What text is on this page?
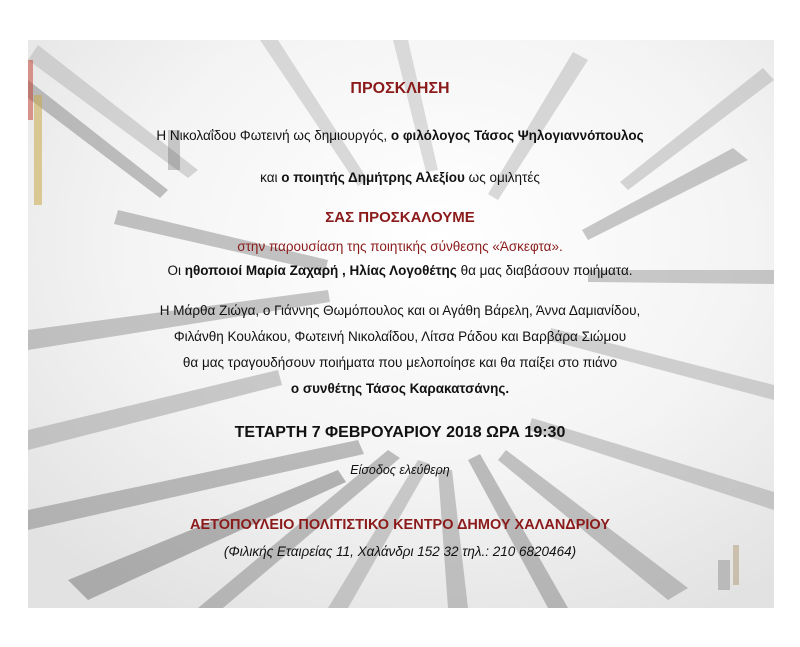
ΠΡΟΣΚΛΗΣΗ
Η Νικολαΐδου Φωτεινή ως δημιουργός, ο φιλόλογος Τάσος Ψηλογιαννόπουλος
και ο ποιητής Δημήτρης Αλεξίου ως ομιλητές
ΣΑΣ ΠΡΟΣΚΑΛΟΥΜΕ
στην παρουσίαση της ποιητικής σύνθεσης «Άσκεφτα».
Οι ηθοποιοί Μαρία Ζαχαρή , Ηλίας Λογοθέτης θα μας διαβάσουν ποιήματα.
Η Μάρθα Ζιώγα, ο Γιάννης Θωμόπουλος και οι Αγάθη Βάρελη, Άννα Δαμιανίδου,
Φιλάνθη Κουλάκου, Φωτεινή Νικολαΐδου, Λίτσα Ράδου και Βαρβάρα Σιώμου
θα μας τραγουδήσουν ποιήματα που μελοποίησε και θα παίξει στο πιάνο
ο συνθέτης Τάσος Καρακατσάνης.
ΤΕΤΑΡΤΗ 7 ΦΕΒΡΟΥΑΡΙΟΥ 2018 ΩΡΑ 19:30
Είσοδος ελεύθερη
ΑΕΤΟΠΟΥΛΕΙΟ ΠΟΛΙΤΙΣΤΙΚΟ ΚΕΝΤΡΟ ΔΗΜΟΥ ΧΑΛΑΝΔΡΙΟΥ
(Φιλικής Εταιρείας 11, Χαλάνδρι 152 32 τηλ.: 210 6820464)
